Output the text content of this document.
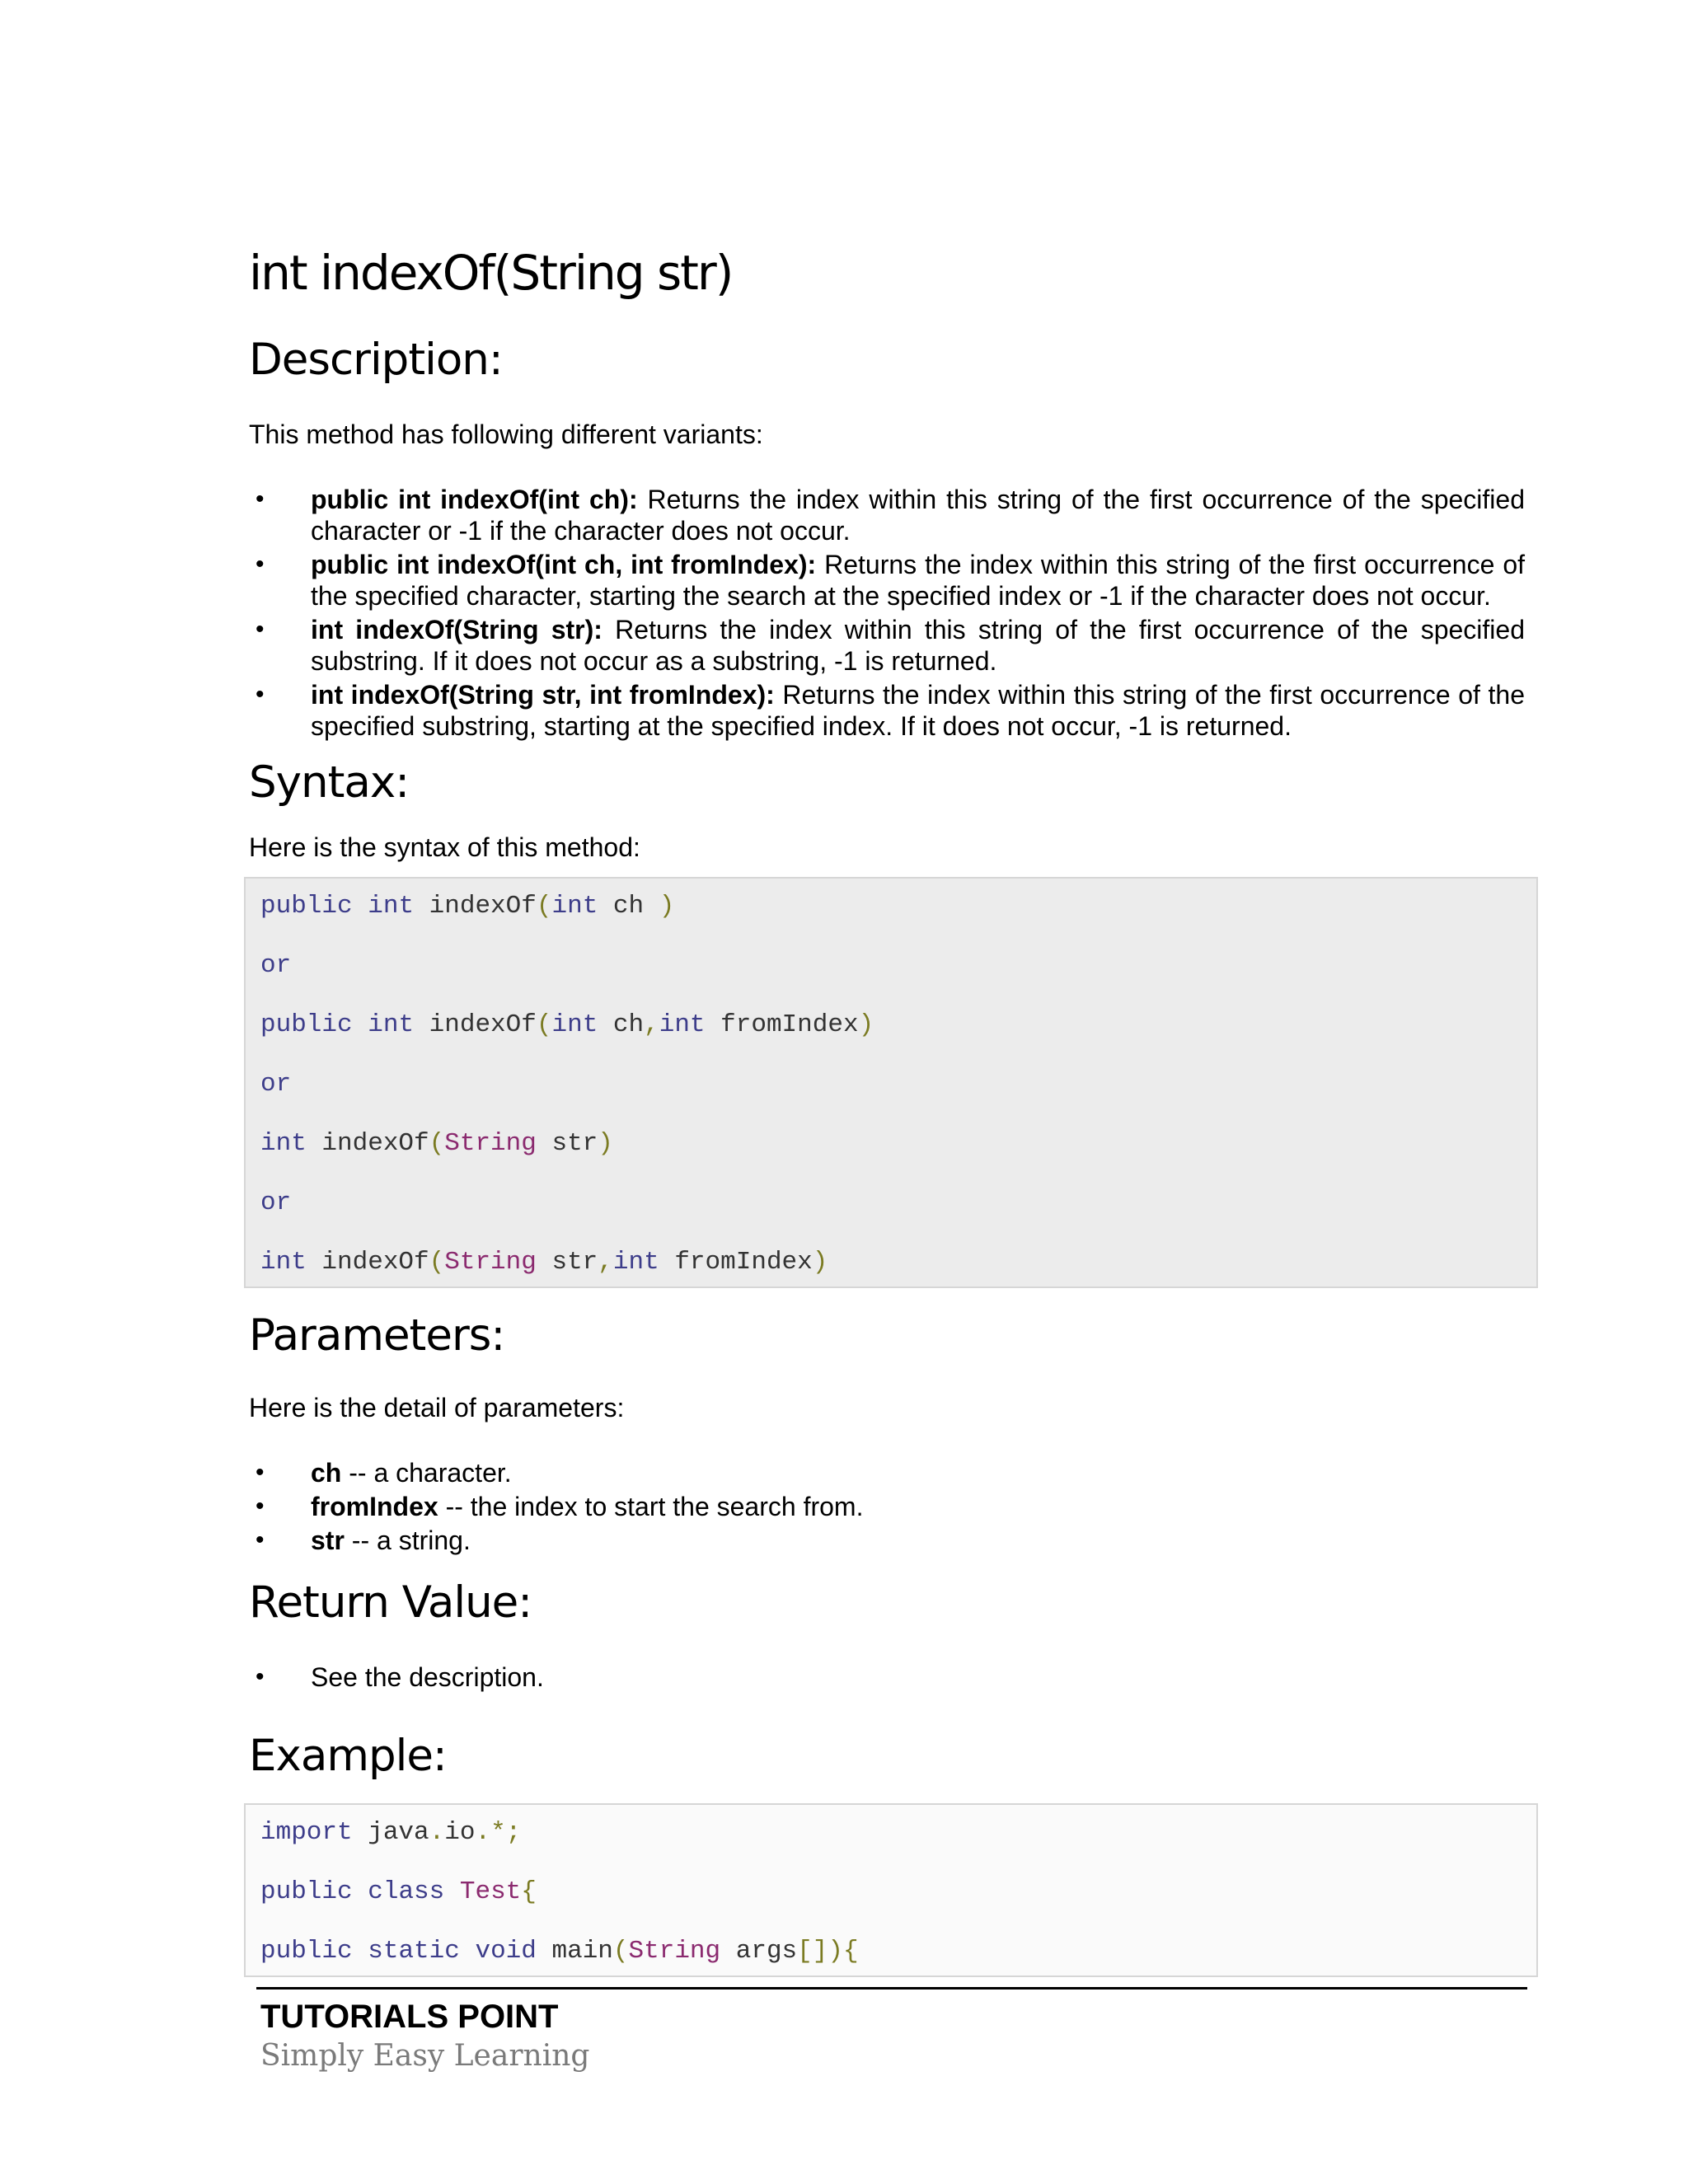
int indexOf(String str)
Description:
This method has following different variants:
• public int indexOf(int ch): Returns the index within this string of the first occurrence of the specified character or -1 if the character does not occur.
• public int indexOf(int ch, int fromIndex): Returns the index within this string of the first occurrence of the specified character, starting the search at the specified index or -1 if the character does not occur.
• int indexOf(String str): Returns the index within this string of the first occurrence of the specified substring. If it does not occur as a substring, -1 is returned.
• int indexOf(String str, int fromIndex): Returns the index within this string of the first occurrence of the specified substring, starting at the specified index. If it does not occur, -1 is returned.
Syntax:
Here is the syntax of this method:
public int indexOf(int ch )
or
public int indexOf(int ch,int fromIndex)
or
int indexOf(String str)
or
int indexOf(String str,int fromIndex)
Parameters:
Here is the detail of parameters:
• ch -- a character.
• fromIndex -- the index to start the search from.
• str -- a string.
Return Value:
• See the description.
Example:
import java.io.*;
public class Test{
public static void main(String args[]){
TUTORIALS POINT
Simply Easy Learning
